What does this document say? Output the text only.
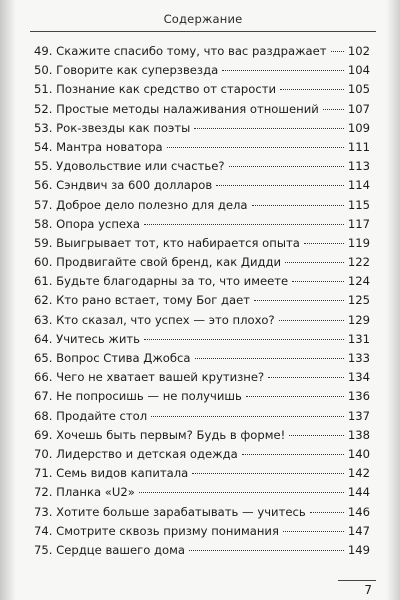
Содержание
49. Скажите спасибо тому, что вас раздражает 102
50. Говорите как суперзвезда	104
51. Познание как средство от старости	105
52. Простые методы налаживания отношений	107
53. Рок-звезды как поэты	109
54. Мантра новатора	111
55. Удовольствие или счастье?	113
56. Сэндвич за 600 долларов	114
57. Доброе дело полезно для дела	115
58. Опора успеха	117
59. Выигрывает тот, кто набирается опыта	119
60. Продвигайте свой бренд, как Дидди	122
61. Будьте благодарны за то, что имеете	124
62. Кто рано встает, тому Бог дает	125
63. Кто сказал, что успех — это плохо?	129
64. Учитесь жить	131
65. Вопрос Стива Джобса	133
66. Чего не хватает вашей крутизне?	134
67. Не попросишь — не получишь	136
68. Продайте стол	137
69. Хочешь быть первым? Будь в форме!	138
70. Лидерство и детская одежда	140
71. Семь видов капитала	142
72. Планка «U2»	144
73. Хотите больше зарабатывать — учитесь	146
74. Смотрите сквозь призму понимания	147
75. Сердце вашего дома	149
7
